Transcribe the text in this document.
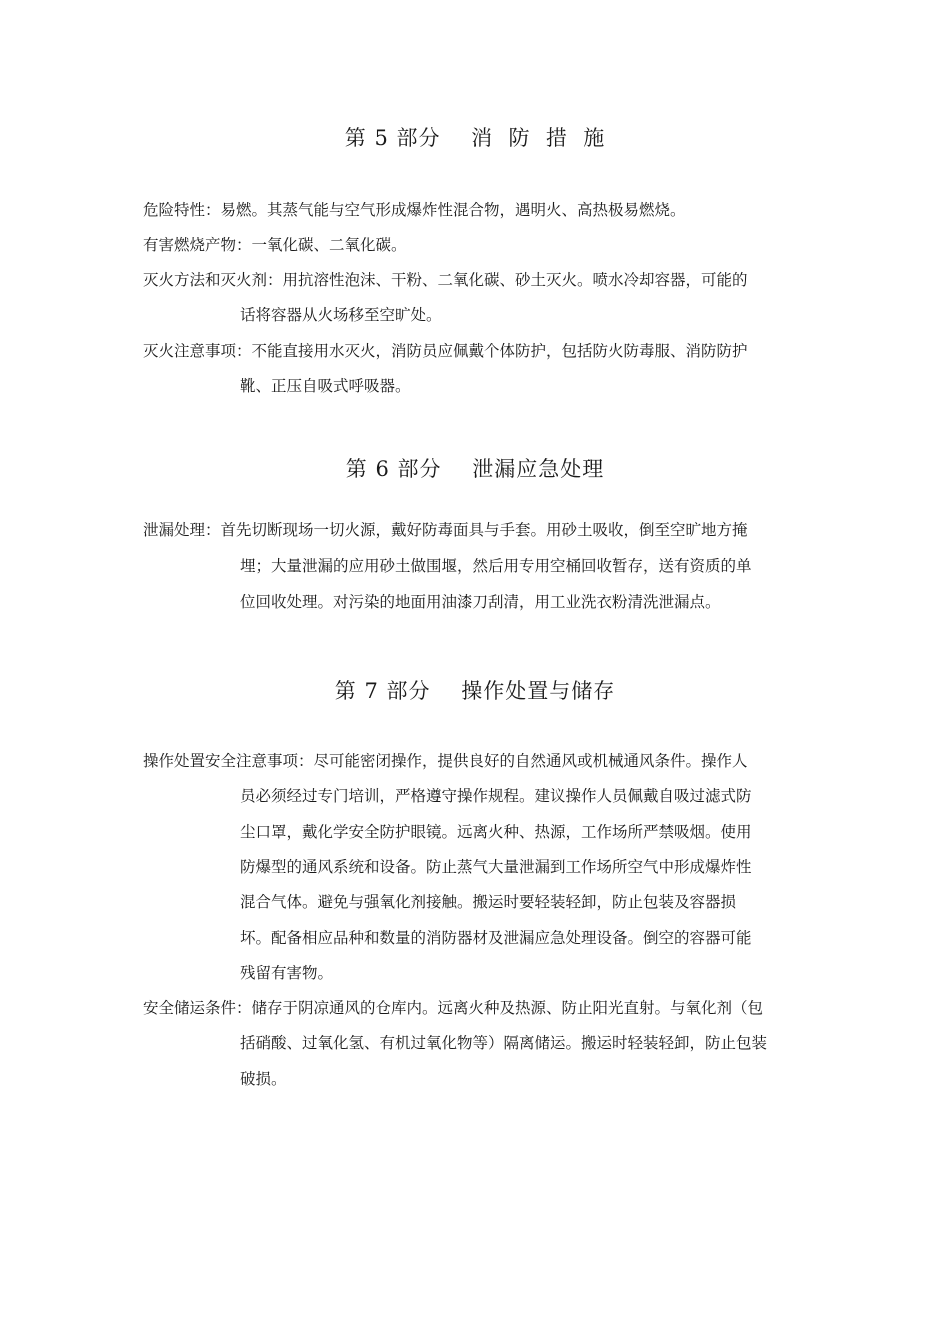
第 5 部分    消  防  措  施
危险特性：易燃。其蒸气能与空气形成爆炸性混合物，遇明火、高热极易燃烧。
有害燃烧产物：一氧化碳、二氧化碳。
灭火方法和灭火剂：用抗溶性泡沫、干粉、二氧化碳、砂土灭火。喷水冷却容器，可能的
话将容器从火场移至空旷处。
灭火注意事项：不能直接用水灭火，消防员应佩戴个体防护，包括防火防毒服、消防防护
靴、正压自吸式呼吸器。
第 6 部分    泄漏应急处理
泄漏处理：首先切断现场一切火源，戴好防毒面具与手套。用砂土吸收，倒至空旷地方掩
埋；大量泄漏的应用砂土做围堰，然后用专用空桶回收暂存，送有资质的单
位回收处理。对污染的地面用油漆刀刮清，用工业洗衣粉清洗泄漏点。
第 7 部分    操作处置与储存
操作处置安全注意事项：尽可能密闭操作，提供良好的自然通风或机械通风条件。操作人
员必须经过专门培训，严格遵守操作规程。建议操作人员佩戴自吸过滤式防
尘口罩，戴化学安全防护眼镜。远离火种、热源，工作场所严禁吸烟。使用
防爆型的通风系统和设备。防止蒸气大量泄漏到工作场所空气中形成爆炸性
混合气体。避免与强氧化剂接触。搬运时要轻装轻卸，防止包装及容器损
坏。配备相应品种和数量的消防器材及泄漏应急处理设备。倒空的容器可能
残留有害物。
安全储运条件：储存于阴凉通风的仓库内。远离火种及热源、防止阳光直射。与氧化剂（包
括硝酸、过氧化氢、有机过氧化物等）隔离储运。搬运时轻装轻卸，防止包装
破损。
